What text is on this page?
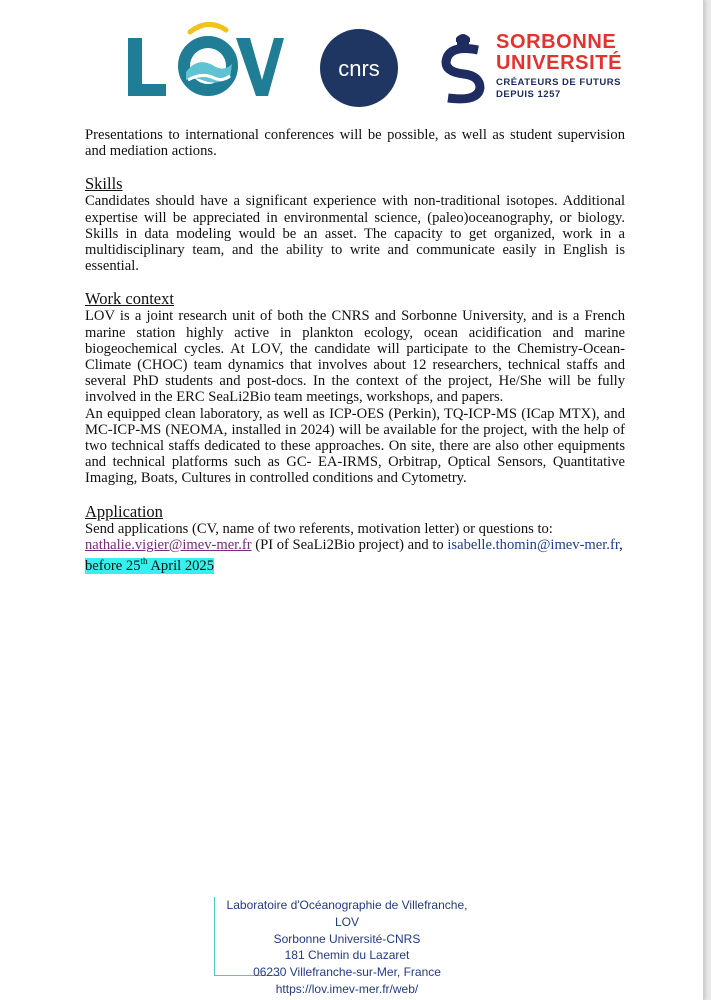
cnrs
SORBONNE
UNIVERSITÉ
CRÉATEURS DE FUTURS
DEPUIS 1257

Presentations to international conferences will be possible, as well as student supervision and mediation actions.

Skills

Candidates should have a significant experience with non-traditional isotopes. Additional expertise will be appreciated in environmental science, (paleo)oceanography, or biology. Skills in data modeling would be an asset. The capacity to get organized, work in a multidisciplinary team, and the ability to write and communicate easily in English is essential.

Work context

LOV is a joint research unit of both the CNRS and Sorbonne University, and is a French marine station highly active in plankton ecology, ocean acidification and marine biogeochemical cycles. At LOV, the candidate will participate to the Chemistry-Ocean-Climate (CHOC) team dynamics that involves about 12 researchers, technical staffs and several PhD students and post-docs. In the context of the project, He/She will be fully involved in the ERC SeaLi2Bio team meetings, workshops, and papers.

An equipped clean laboratory, as well as ICP-OES (Perkin), TQ-ICP-MS (ICap MTX), and MC-ICP-MS (NEOMA, installed in 2024) will be available for the project, with the help of two technical staffs dedicated to these approaches. On site, there are also other equipments and technical platforms such as GC- EA-IRMS, Orbitrap, Optical Sensors, Quantitative Imaging, Boats, Cultures in controlled conditions and Cytometry.

Application

Send applications (CV, name of two referents, motivation letter) or questions to:

nathalie.vigier@imev-mer.fr (PI of SeaLi2Bio project) and to isabelle.thomin@imev-mer.fr,

before 25th April 2025

Laboratoire d'Océanographie de Villefranche, LOV
Sorbonne Université-CNRS
181 Chemin du Lazaret
06230 Villefranche-sur-Mer, France
https://lov.imev-mer.fr/web/
